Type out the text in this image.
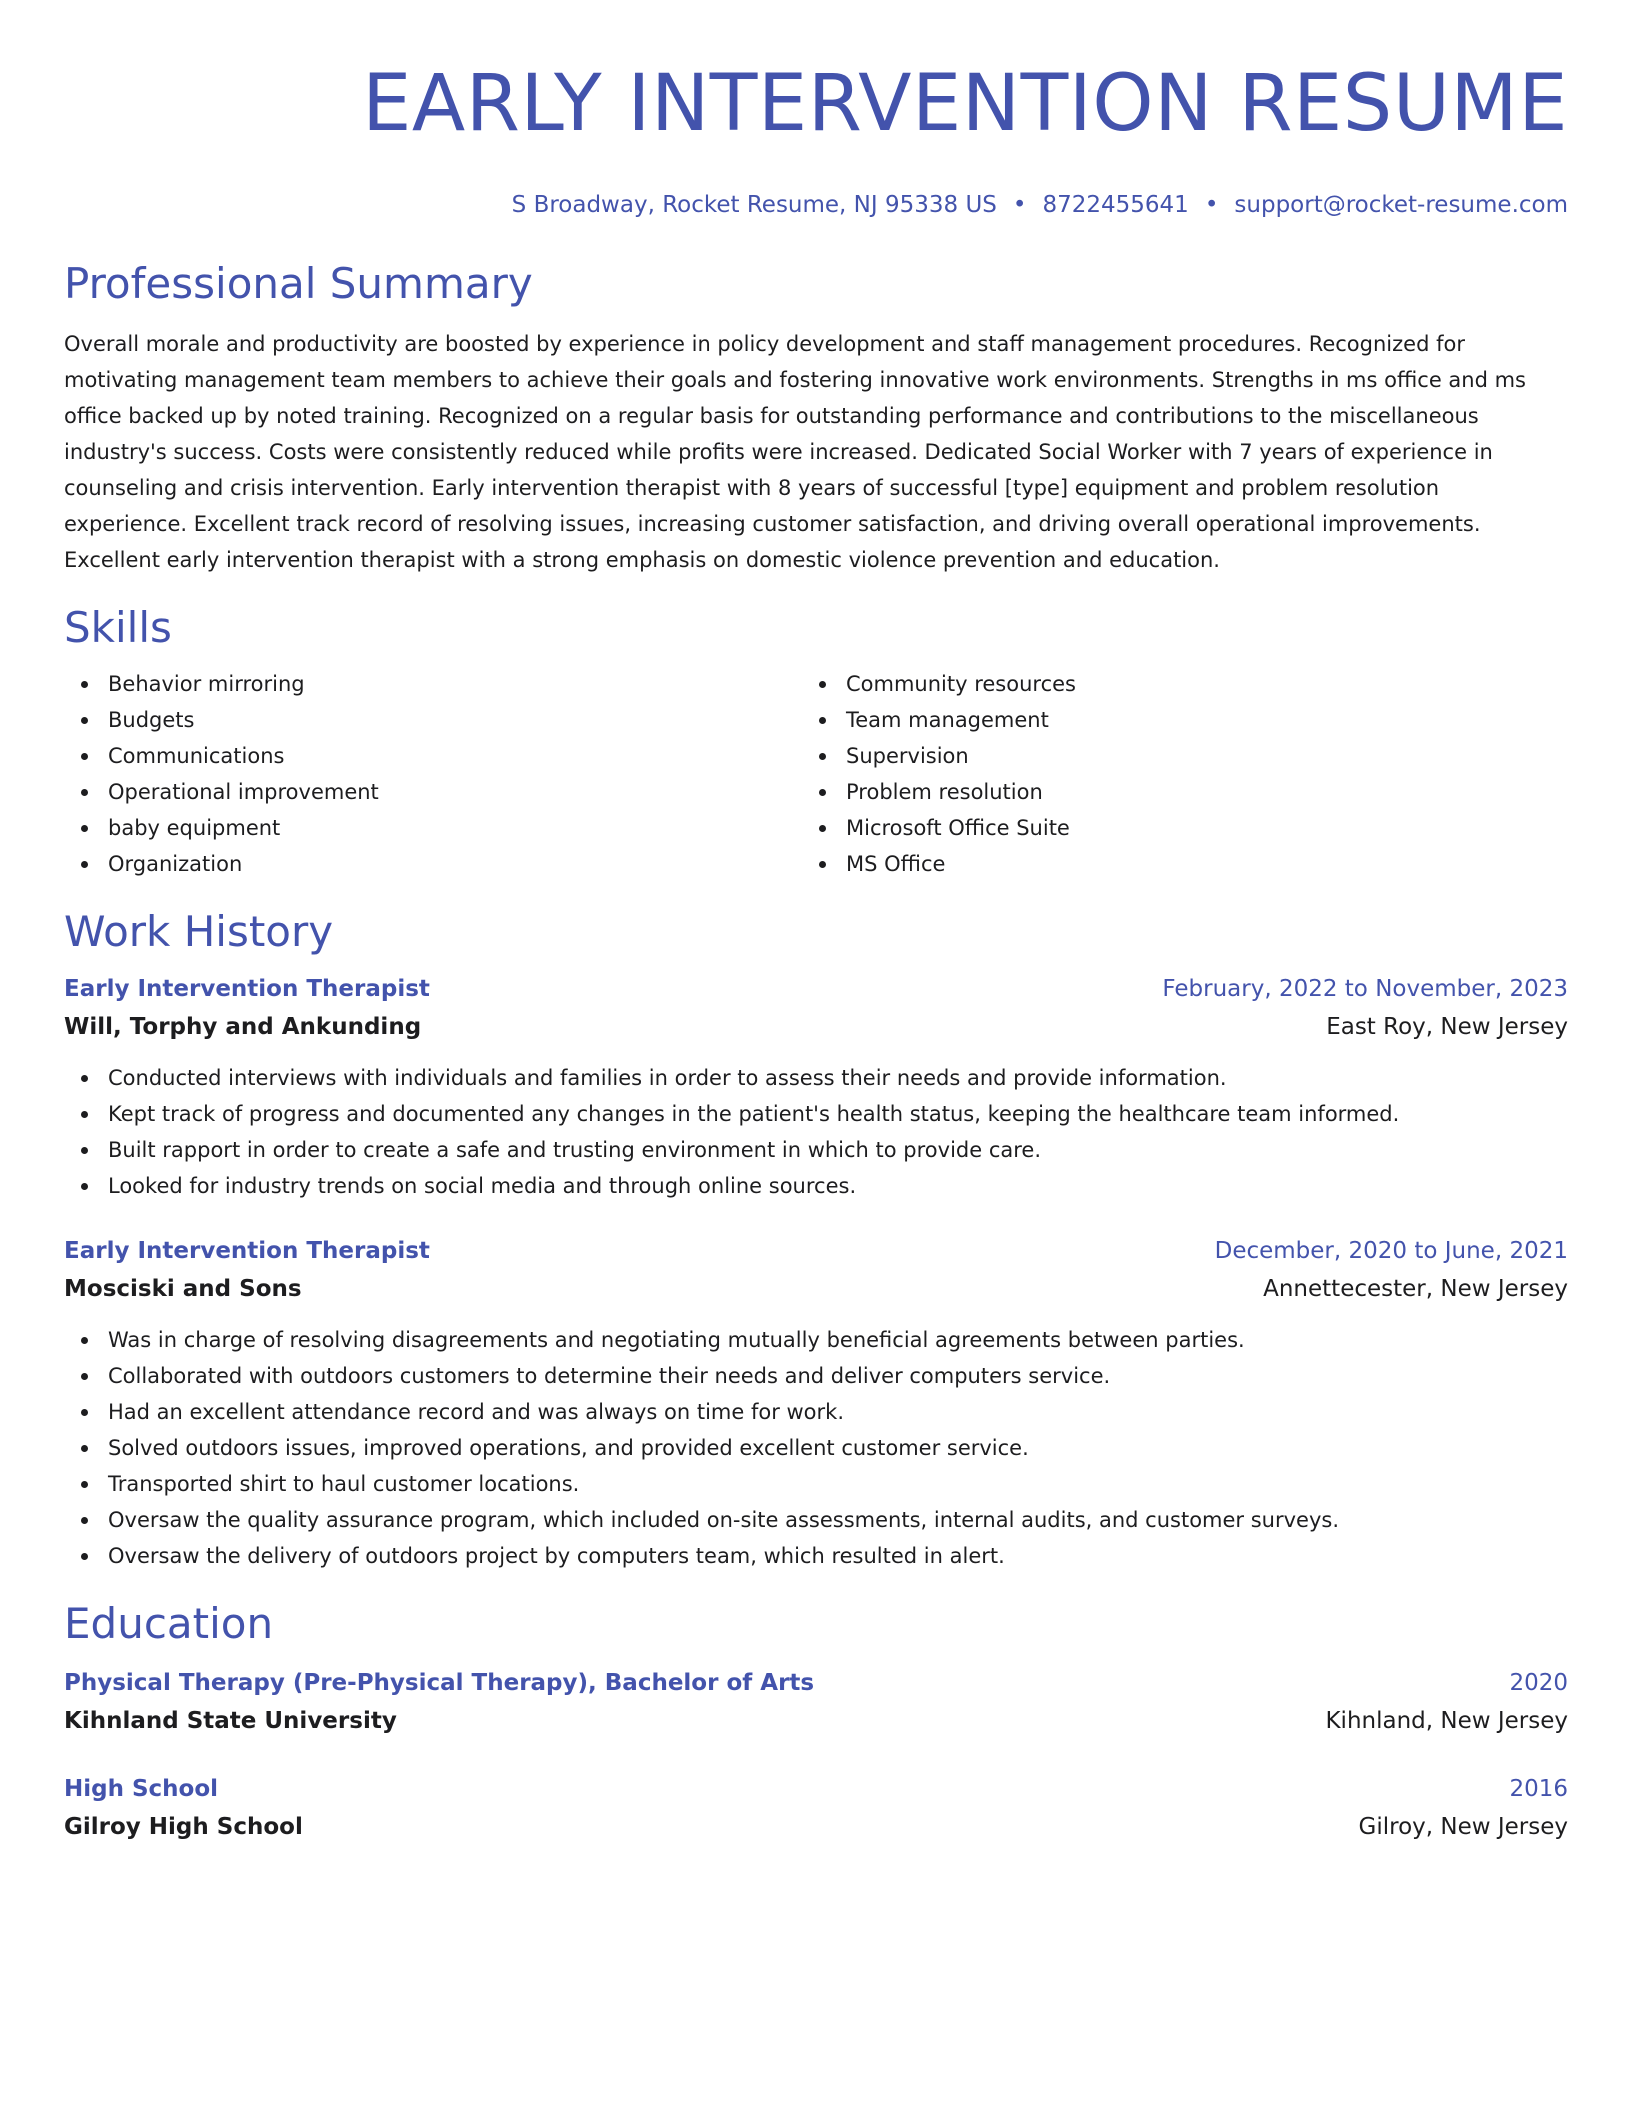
EARLY INTERVENTION RESUME
S Broadway, Rocket Resume, NJ 95338 US • 8722455641 • support@rocket-resume.com
Professional Summary

Overall morale and productivity are boosted by experience in policy development and staff management procedures. Recognized for motivating management team members to achieve their goals and fostering innovative work environments. Strengths in ms office and ms office backed up by noted training. Recognized on a regular basis for outstanding performance and contributions to the miscellaneous industry's success. Costs were consistently reduced while profits were increased. Dedicated Social Worker with 7 years of experience in counseling and crisis intervention. Early intervention therapist with 8 years of successful [type] equipment and problem resolution experience. Excellent track record of resolving issues, increasing customer satisfaction, and driving overall operational improvements. Excellent early intervention therapist with a strong emphasis on domestic violence prevention and education.

Skills
Behavior mirroring
Budgets
Communications
Operational improvement
baby equipment
Organization
Community resources
Team management
Supervision
Problem resolution
Microsoft Office Suite
MS Office
Work History
Early Intervention Therapist	February, 2022 to November, 2023
Will, Torphy and Ankunding	East Roy, New Jersey
Conducted interviews with individuals and families in order to assess their needs and provide information.
Kept track of progress and documented any changes in the patient's health status, keeping the healthcare team informed.
Built rapport in order to create a safe and trusting environment in which to provide care.
Looked for industry trends on social media and through online sources.
Early Intervention Therapist	December, 2020 to June, 2021
Mosciski and Sons	Annettecester, New Jersey
Was in charge of resolving disagreements and negotiating mutually beneficial agreements between parties.
Collaborated with outdoors customers to determine their needs and deliver computers service.
Had an excellent attendance record and was always on time for work.
Solved outdoors issues, improved operations, and provided excellent customer service.
Transported shirt to haul customer locations.
Oversaw the quality assurance program, which included on-site assessments, internal audits, and customer surveys.
Oversaw the delivery of outdoors project by computers team, which resulted in alert.
Education
Physical Therapy (Pre-Physical Therapy), Bachelor of Arts	2020
Kihnland State University	Kihnland, New Jersey
High School	2016
Gilroy High School	Gilroy, New Jersey
